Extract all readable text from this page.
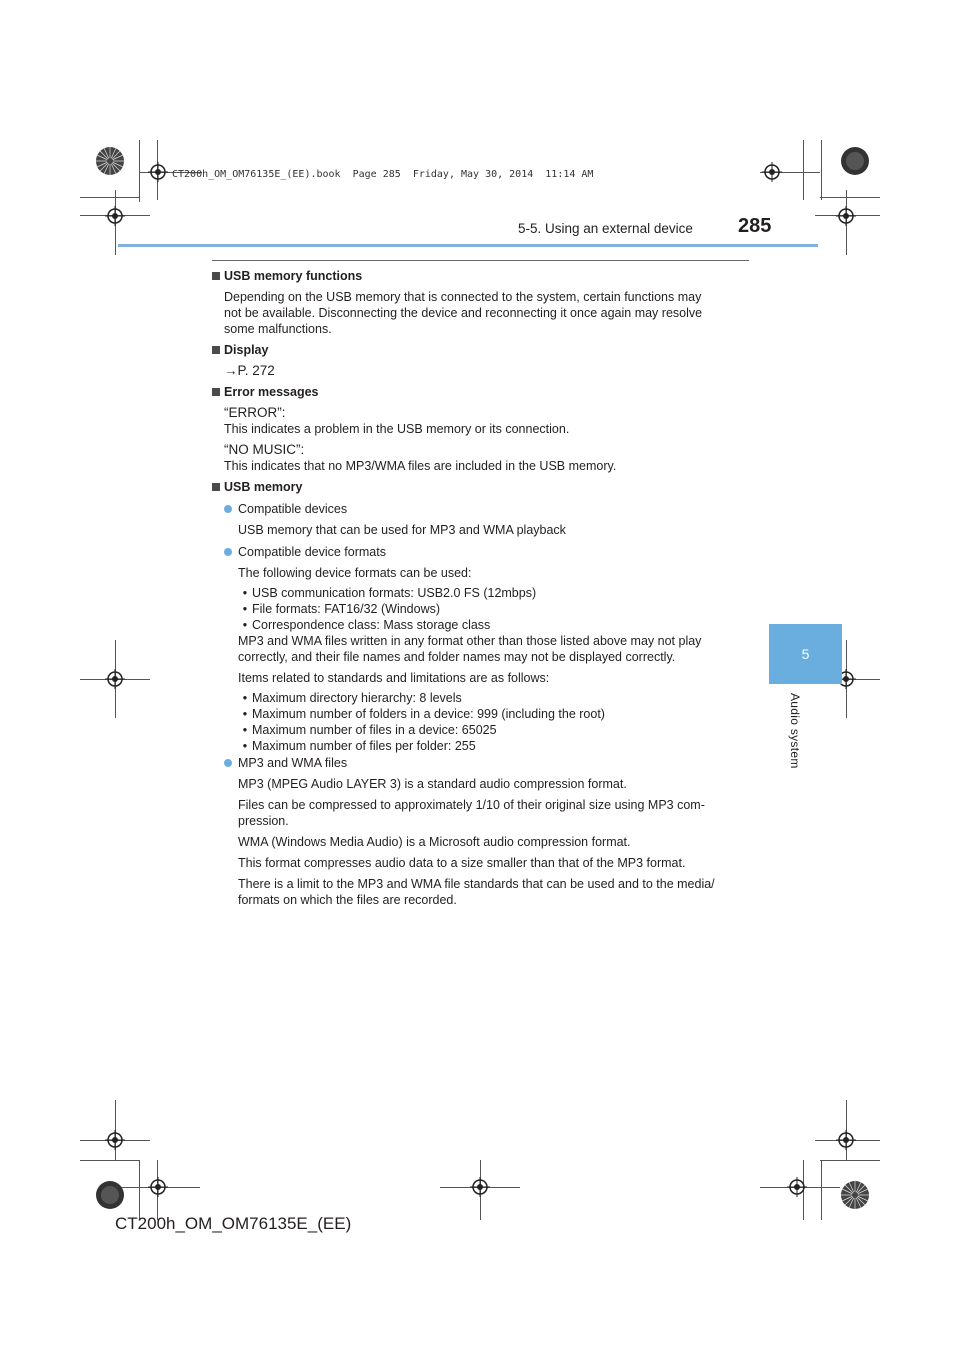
CT200h_OM_OM76135E_(EE).book  Page 285  Friday, May 30, 2014  11:14 AM
5-5. Using an external device 285
5
Audio system
USB memory functions
Depending on the USB memory that is connected to the system, certain functions may
not be available. Disconnecting the device and reconnecting it once again may resolve
some malfunctions.
Display
→P. 272
Error messages
“ERROR”:
This indicates a problem in the USB memory or its connection.
“NO MUSIC”:
This indicates that no MP3/WMA files are included in the USB memory.
USB memory
Compatible devices
USB memory that can be used for MP3 and WMA playback
Compatible device formats
The following device formats can be used:
• USB communication formats: USB2.0 FS (12mbps)
• File formats: FAT16/32 (Windows)
• Correspondence class: Mass storage class
MP3 and WMA files written in any format other than those listed above may not play
correctly, and their file names and folder names may not be displayed correctly.
Items related to standards and limitations are as follows:
• Maximum directory hierarchy: 8 levels
• Maximum number of folders in a device: 999 (including the root)
• Maximum number of files in a device: 65025
• Maximum number of files per folder: 255
MP3 and WMA files
MP3 (MPEG Audio LAYER 3) is a standard audio compression format.
Files can be compressed to approximately 1/10 of their original size using MP3 com-
pression.
WMA (Windows Media Audio) is a Microsoft audio compression format.
This format compresses audio data to a size smaller than that of the MP3 format.
There is a limit to the MP3 and WMA file standards that can be used and to the media/
formats on which the files are recorded.
CT200h_OM_OM76135E_(EE)
